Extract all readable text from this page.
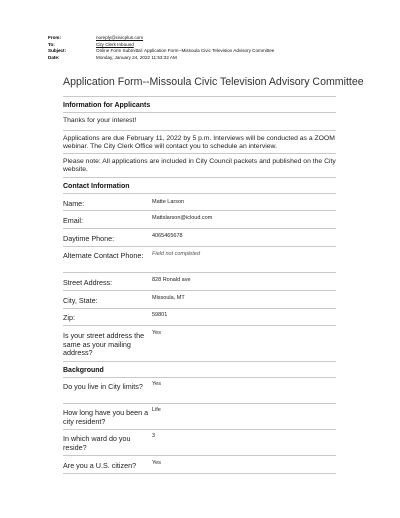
From:	noreply@civicplus.com
To:	City Clerk Inbound
Subject:	Online Form Submittal: Application Form--Missoula Civic Television Advisory Committee
Date:	Monday, January 24, 2022 11:53:32 AM
Application Form--Missoula Civic Television Advisory Committee
Information for Applicants
Thanks for your interest!
Applications are due February 11, 2022 by 5 p.m. Interviews will be conducted as a ZOOM webinar. The City Clerk Office will contact you to schedule an interview.
Please note: All applications are included in City Council packets and published on the City website.
Contact Information
Name:	Matte Larson
Email:	Mattslarson@icloud.com
Daytime Phone:	4065465678
Alternate Contact Phone:	Field not completed
Street Address:	828 Ronald ave
City, State:	Missoula, MT
Zip:	59801
Is your street address the same as your mailing address?
Yes
Background
Do you live in City limits?	Yes
How long have you been a city resident?
Life
In which ward do you reside?
3
Are you a U.S. citizen?	Yes
